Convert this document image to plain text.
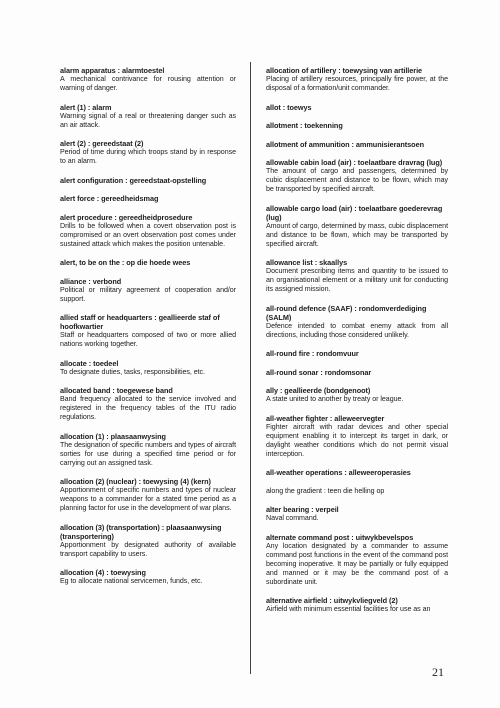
alarm apparatus : alarmtoestel
A mechanical contrivance for rousing attention or warning of danger.
alert (1) : alarm
Warning signal of a real or threatening danger such as an air attack.
alert (2) : gereedstaat (2)
Period of time during which troops stand by in response to an alarm.
alert configuration : gereedstaat-opstelling
alert force : gereedheidsmag
alert procedure : gereedheidprosedure
Drills to be followed when a covert observation post is compromised or an overt observation post comes under sustained attack which makes the position untenable.
alert, to be on the : op die hoede wees
alliance : verbond
Political or military agreement of cooperation and/or support.
allied staff or headquarters : geallieerde staf of hoofkwartier
Staff or headquarters composed of two or more allied nations working together.
allocate : toedeel
To designate duties, tasks, responsibilities, etc.
allocated band : toegewese band
Band frequency allocated to the service involved and registered in the frequency tables of the ITU radio regulations.
allocation (1) : plaasaanwysing
The designation of specific numbers and types of aircraft sorties for use during a specified time period or for carrying out an assigned task.
allocation (2) (nuclear) : toewysing (4) (kern)
Apportionment of specific numbers and types of nuclear weapons to a commander for a stated time period as a planning factor for use in the development of war plans.
allocation (3) (transportation) : plaasaanwysing (transportering)
Apportionment by designated authority of available transport capability to users.
allocation (4) : toewysing
Eg to allocate national servicemen, funds, etc.
allocation of artillery : toewysing van artillerie
Placing of artillery resources, principally fire power, at the disposal of a formation/unit commander.
allot : toewys
allotment : toekenning
allotment of ammunition : ammunisierantsoen
allowable cabin load (air) : toelaatbare dravrag (lug)
The amount of cargo and passengers, determined by cubic displacement and distance to be flown, which may be transported by specified aircraft.
allowable cargo load (air) : toelaatbare goederevrag (lug)
Amount of cargo, determined by mass, cubic displacement and distance to be flown, which may be transported by specified aircraft.
allowance list : skaallys
Document prescribing items and quantity to be issued to an organisational element or a military unit for conducting its assigned mission.
all-round defence (SAAF) : rondomverdediging (SALM)
Defence intended to combat enemy attack from all directions, including those considered unlikely.
all-round fire : rondomvuur
all-round sonar : rondomsonar
ally : geallieerde (bondgenoot)
A state united to another by treaty or league.
all-weather fighter : alleweervegter
Fighter aircraft with radar devices and other special equipment enabling it to intercept its target in dark, or daylight weather conditions which do not permit visual interception.
all-weather operations : alleweeroperasies
along the gradient : teen die helling op
alter bearing : verpeil
Naval command.
alternate command post : uitwykbevelspos
Any location designated by a commander to assume command post functions in the event of the command post becoming inoperative. It may be partially or fully equipped and manned or it may be the command post of a subordinate unit.
alternative airfield : uitwykvliegveld (2)
Airfield with minimum essential facilities for use as an
21
